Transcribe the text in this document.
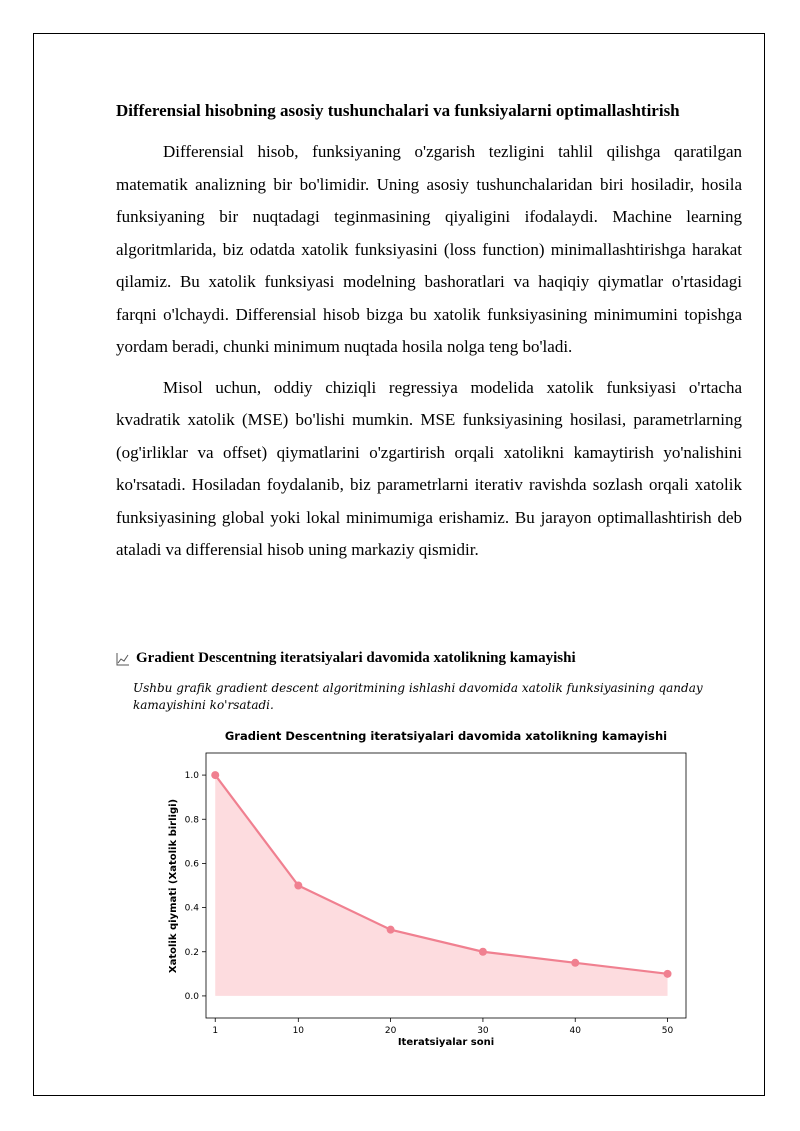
Differensial hisobning asosiy tushunchalari va funksiyalarni optimallashtirish

Differensial hisob, funksiyaning o'zgarish tezligini tahlil qilishga qaratilgan matematik analizning bir bo'limidir. Uning asosiy tushunchalaridan biri hosiladir, hosila funksiyaning bir nuqtadagi teginmasining qiyaligini ifodalaydi. Machine learning algoritmlarida, biz odatda xatolik funksiyasini (loss function) minimallashtirishga harakat qilamiz. Bu xatolik funksiyasi modelning bashoratlari va haqiqiy qiymatlar o'rtasidagi farqni o'lchaydi. Differensial hisob bizga bu xatolik funksiyasining minimumini topishga yordam beradi, chunki minimum nuqtada hosila nolga teng bo'ladi.

Misol uchun, oddiy chiziqli regressiya modelida xatolik funksiyasi o'rtacha kvadratik xatolik (MSE) bo'lishi mumkin. MSE funksiyasining hosilasi, parametrlarning (og'irliklar va offset) qiymatlarini o'zgartirish orqali xatolikni kamaytirish yo'nalishini ko'rsatadi. Hosiladan foydalanib, biz parametrlarni iterativ ravishda sozlash orqali xatolik funksiyasining global yoki lokal minimumiga erishamiz. Bu jarayon optimallashtirish deb ataladi va differensial hisob uning markaziy qismidir.

Gradient Descentning iteratsiyalari davomida xatolikning kamayishi
Ushbu grafik gradient descent algoritmining ishlashi davomida xatolik funksiyasining qanday kamayishini ko'rsatadi.
Gradient Descentning iteratsiyalari davomida xatolikning kamayishi
1	10	20	30	40	50
0.0
0.2
0.4
0.6
0.8
1.0
Iteratsiyalar soni
Xatolik qiymati (Xatolik birligi)
